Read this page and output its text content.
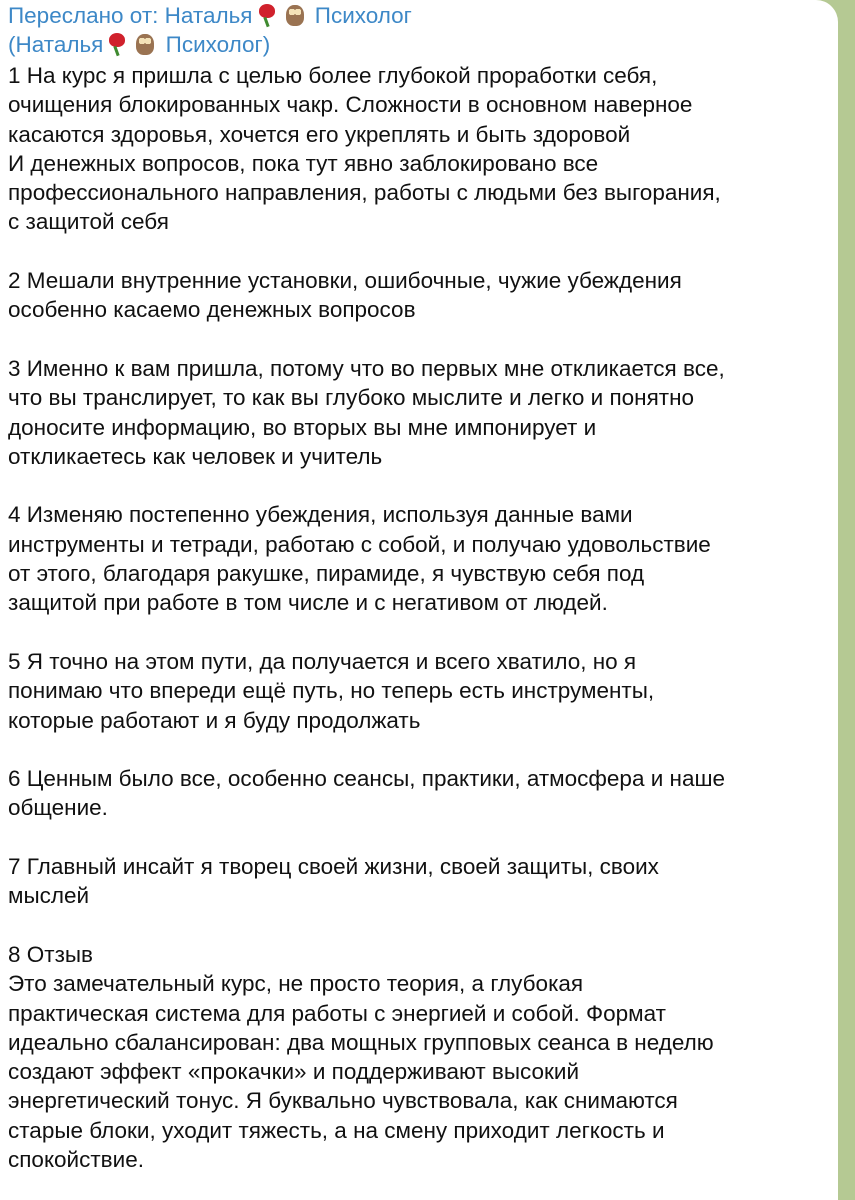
Переслано от: Наталья	Психолог
(Наталья	Психолог)
1 На курс я пришла с целью более глубокой проработки себя,
очищения блокированных чакр. Сложности в основном наверное
касаются здоровья, хочется его укреплять и быть здоровой
И денежных вопросов, пока тут явно заблокировано все
профессионального направления, работы с людьми без выгорания,
с защитой себя
2 Мешали внутренние установки, ошибочные, чужие убеждения
особенно касаемо денежных вопросов
3 Именно к вам пришла, потому что во первых мне откликается все,
что вы транслирует, то как вы глубоко мыслите и легко и понятно
доносите информацию, во вторых вы мне импонирует и
откликаетесь как человек и учитель
4 Изменяю постепенно убеждения, используя данные вами
инструменты и тетради, работаю с собой, и получаю удовольствие
от этого, благодаря ракушке, пирамиде, я чувствую себя под
защитой при работе в том числе и с негативом от людей.
5 Я точно на этом пути, да получается и всего хватило, но я
понимаю что впереди ещё путь, но теперь есть инструменты,
которые работают и я буду продолжать
6 Ценным было все, особенно сеансы, практики, атмосфера и наше
общение.
7 Главный инсайт я творец своей жизни, своей защиты, своих
мыслей
8 Отзыв
Это замечательный курс, не просто теория, а глубокая
практическая система для работы с энергией и собой. Формат
идеально сбалансирован: два мощных групповых сеанса в неделю
создают эффект «прокачки» и поддерживают высокий
энергетический тонус. Я буквально чувствовала, как снимаются
старые блоки, уходит тяжесть, а на смену приходит легкость и
спокойствие.
